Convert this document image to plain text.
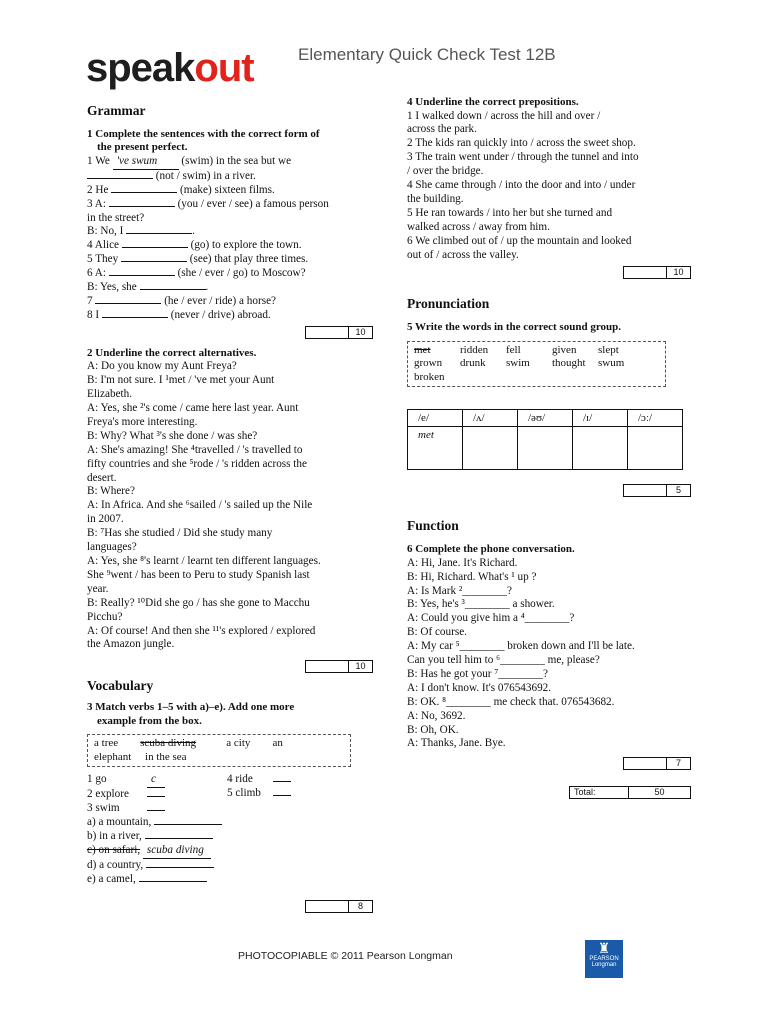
speakout	Elementary Quick Check Test 12B
Grammar
1 Complete the sentences with the correct form of
the present perfect.

1 We 've swum (swim) in the sea but we

(not / swim) in a river.

2 He	(make) sixteen films.

3 A:	(you / ever / see) a famous person

in the street?

B: No, I	.

4 Alice	(go) to explore the town.

5 They	(see) that play three times.

6 A:	(she / ever / go) to Moscow?

B: Yes, she	.

7	(he / ever / ride) a horse?

8 I	(never / drive) abroad.

10
2 Underline the correct alternatives.

A: Do you know my Aunt Freya?

B: I'm not sure. I ¹met / 've met your Aunt

Elizabeth.

A: Yes, she ²'s come / came here last year. Aunt

Freya's more interesting.

B: Why? What ³'s she done / was she?

A: She's amazing! She ⁴travelled / 's travelled to

fifty countries and she ⁵rode / 's ridden across the

desert.

B: Where?

A: In Africa. And she ⁶sailed / 's sailed up the Nile

in 2007.

B: ⁷Has she studied / Did she study many

languages?

A: Yes, she ⁸'s learnt / learnt ten different languages.

She ⁹went / has been to Peru to study Spanish last

year.

B: Really? ¹⁰Did she go / has she gone to Macchu

Picchu?

A: Of course! And then she ¹¹'s explored / explored

the Amazon jungle.

10
Vocabulary
3 Match verbs 1–5 with a)–e). Add one more
example from the box.
a tree scuba diving	a city an
elephant in the sea

1 go	c

2 explore

3 swim

4 ride

5 climb

a) a mountain,

b) in a river,

c) on safari, scuba diving

d) a country,

e) a camel,

8
4 Underline the correct prepositions.

1 I walked down / across the hill and over /

across the park.

2 The kids ran quickly into / across the sweet shop.

3 The train went under / through the tunnel and into

/ over the bridge.

4 She came through / into the door and into / under

the building.

5 He ran towards / into her but she turned and

walked across / away from him.

6 We climbed out of / up the mountain and looked

out of / across the valley.

10
Pronunciation
5 Write the words in the correct sound group.
met	ridden	fell	given	slept
grown	drunk	swim	thought	swum
broken
/e/	/ʌ/	/əʊ/	/ɪ/	/ɔː/
met				
5
Function
6 Complete the phone conversation.

A: Hi, Jane. It's Richard.

B: Hi, Richard. What's ¹ up ?

A: Is Mark ²________?

B: Yes, he's ³________ a shower.

A: Could you give him a ⁴________?

B: Of course.

A: My car ⁵________ broken down and I'll be late.

Can you tell him to ⁶________ me, please?

B: Has he got your ⁷________?

A: I don't know. It's 076543692.

B: OK. ⁸________ me check that. 076543682.

A: No, 3692.

B: Oh, OK.

A: Thanks, Jane. Bye.

7
Total:	50
PHOTOCOPIABLE © 2011 Pearson Longman	♜
PEARSON
Longman
